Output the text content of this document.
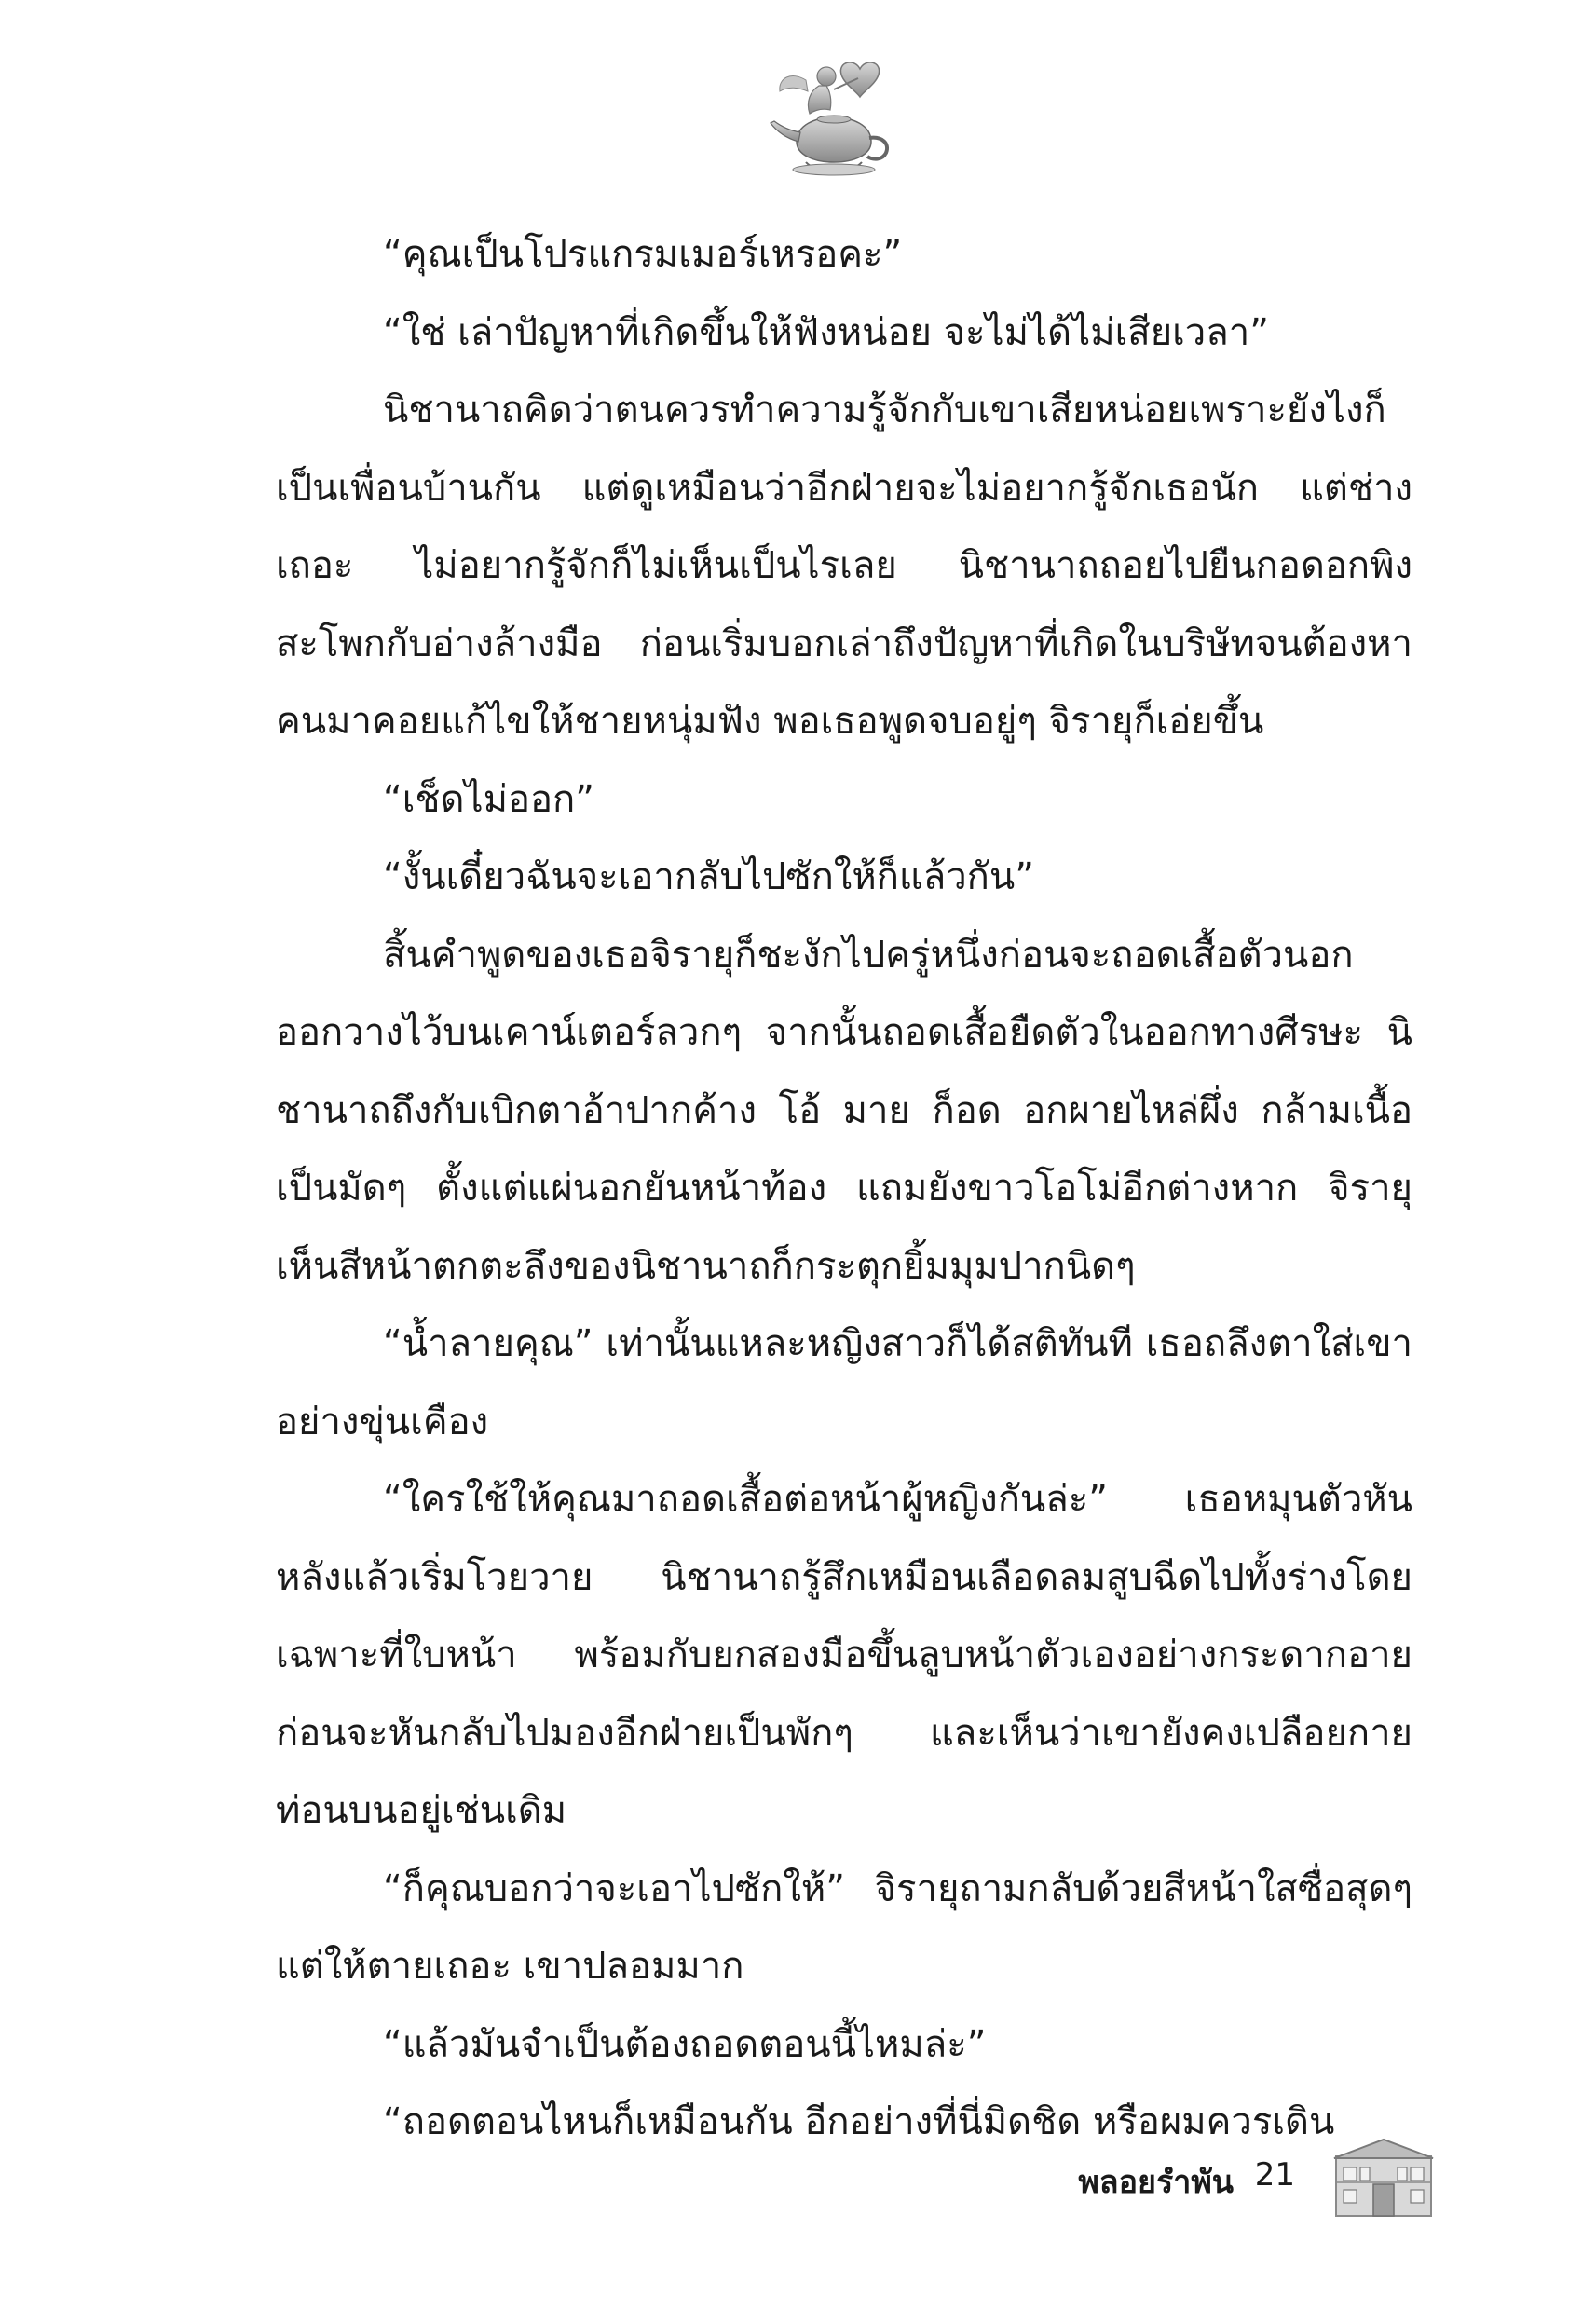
“คุณเป็นโปรแกรมเมอร์เหรอคะ”

“ใช่ เล่าปัญหาที่เกิดขึ้นให้ฟังหน่อย จะไม่ได้ไม่เสียเวลา”

นิชานาถคิดว่าตนควรทำความรู้จักกับเขาเสียหน่อยเพราะยังไงก็เป็นเพื่อนบ้านกัน แต่ดูเหมือนว่าอีกฝ่ายจะไม่อยากรู้จักเธอนัก แต่ช่างเถอะ ไม่อยากรู้จักก็ไม่เห็นเป็นไรเลย นิชานาถถอยไปยืนกอดอกพิงสะโพกกับอ่างล้างมือ ก่อนเริ่มบอกเล่าถึงปัญหาที่เกิดในบริษัทจนต้องหาคนมาคอยแก้ไขให้ชายหนุ่มฟัง พอเธอพูดจบอยู่ๆ จิรายุก็เอ่ยขึ้น

“เช็ดไม่ออก”

“งั้นเดี๋ยวฉันจะเอากลับไปซักให้ก็แล้วกัน”

สิ้นคำพูดของเธอจิรายุก็ชะงักไปครู่หนึ่งก่อนจะถอดเสื้อตัวนอกออกวางไว้บนเคาน์เตอร์ลวกๆ จากนั้นถอดเสื้อยืดตัวในออกทางศีรษะ นิชานาถถึงกับเบิกตาอ้าปากค้าง โอ้ มาย ก็อด อกผายไหล่ผึ่ง กล้ามเนื้อเป็นมัดๆ ตั้งแต่แผ่นอกยันหน้าท้อง แถมยังขาวโอโม่อีกต่างหาก จิรายุเห็นสีหน้าตกตะลึงของนิชานาถก็กระตุกยิ้มมุมปากนิดๆ

“น้ำลายคุณ” เท่านั้นแหละหญิงสาวก็ได้สติทันที เธอถลึงตาใส่เขาอย่างขุ่นเคือง

“ใครใช้ให้คุณมาถอดเสื้อต่อหน้าผู้หญิงกันล่ะ” เธอหมุนตัวหันหลังแล้วเริ่มโวยวาย นิชานาถรู้สึกเหมือนเลือดลมสูบฉีดไปทั้งร่างโดยเฉพาะที่ใบหน้า พร้อมกับยกสองมือขึ้นลูบหน้าตัวเองอย่างกระดากอาย ก่อนจะหันกลับไปมองอีกฝ่ายเป็นพักๆ และเห็นว่าเขายังคงเปลือยกายท่อนบนอยู่เช่นเดิม

“ก็คุณบอกว่าจะเอาไปซักให้” จิรายุถามกลับด้วยสีหน้าใสซื่อสุดๆ แต่ให้ตายเถอะ เขาปลอมมาก

“แล้วมันจำเป็นต้องถอดตอนนี้ไหมล่ะ”

“ถอดตอนไหนก็เหมือนกัน อีกอย่างที่นี่มิดชิด หรือผมควรเดิน

พลอยรำพัน 21
